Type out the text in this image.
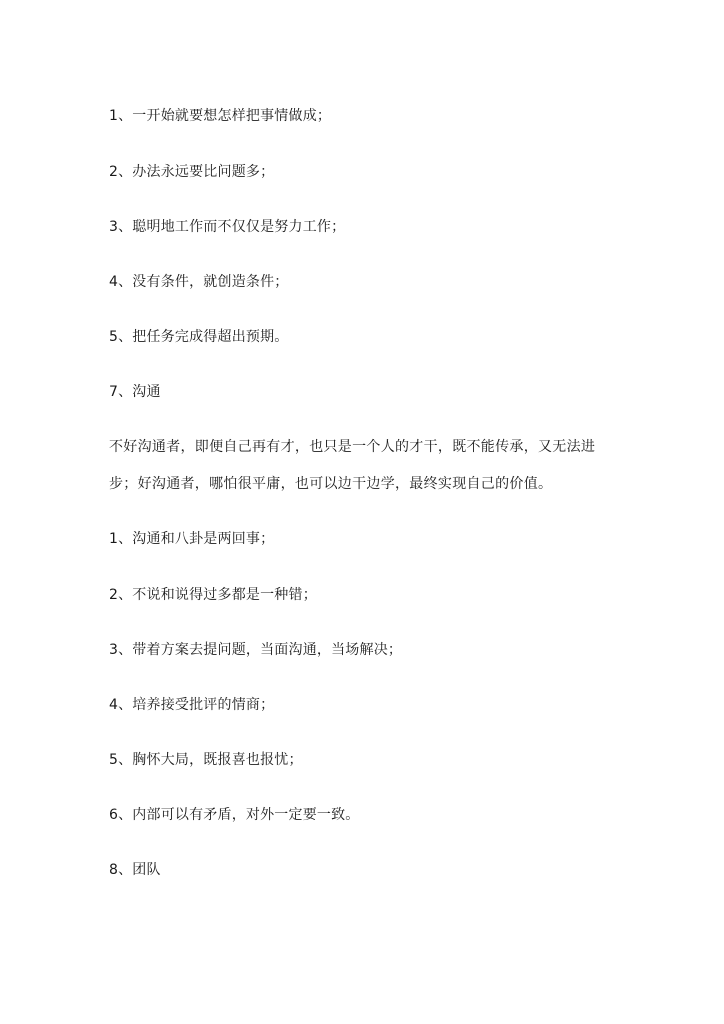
1、一开始就要想怎样把事情做成；
2、办法永远要比问题多；
3、聪明地工作而不仅仅是努力工作；
4、没有条件，就创造条件；
5、把任务完成得超出预期。
7、沟通
不好沟通者，即便自己再有才，也只是一个人的才干，既不能传承，又无法进
步；好沟通者，哪怕很平庸，也可以边干边学，最终实现自己的价值。
1、沟通和八卦是两回事；
2、不说和说得过多都是一种错；
3、带着方案去提问题，当面沟通，当场解决；
4、培养接受批评的情商；
5、胸怀大局，既报喜也报忧；
6、内部可以有矛盾，对外一定要一致。
8、团队
